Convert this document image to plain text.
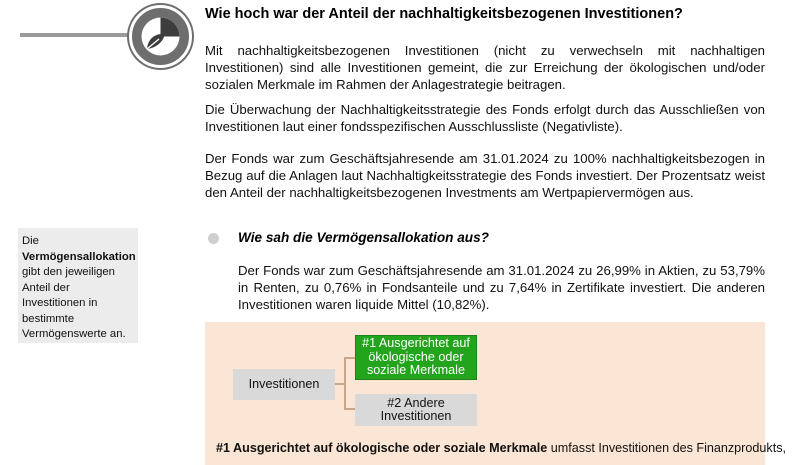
Wie hoch war der Anteil der nachhaltigkeitsbezogenen Investitionen?
Mit nachhaltigkeitsbezogenen Investitionen (nicht zu verwechseln mit nachhaltigen Investitionen) sind alle Investitionen gemeint, die zur Erreichung der ökologischen und/oder sozialen Merkmale im Rahmen der Anlagestrategie beitragen.
Die Überwachung der Nachhaltigkeitsstrategie des Fonds erfolgt durch das Ausschließen von Investitionen laut einer fondsspezifischen Ausschlussliste (Negativliste).
Der Fonds war zum Geschäftsjahresende am 31.01.2024 zu 100% nachhaltigkeitsbezogen in Bezug auf die Anlagen laut Nachhaltigkeitsstrategie des Fonds investiert. Der Prozentsatz weist den Anteil der nachhaltigkeitsbezogenen Investments am Wertpapiervermögen aus.
Die
Vermögensallokation gibt den jeweiligen Anteil der Investitionen in bestimmte Vermögenswerte an.
Wie sah die Vermögensallokation aus?
Der Fonds war zum Geschäftsjahresende am 31.01.2024 zu 26,99% in Aktien, zu 53,79% in Renten, zu 0,76% in Fondsanteile und zu 7,64% in Zertifikate investiert. Die anderen Investitionen waren liquide Mittel (10,82%).
Investitionen
#1 Ausgerichtet auf ökologische oder soziale Merkmale
#2 Andere Investitionen
#1 Ausgerichtet auf ökologische oder soziale Merkmale umfasst Investitionen des Finanzprodukts,
